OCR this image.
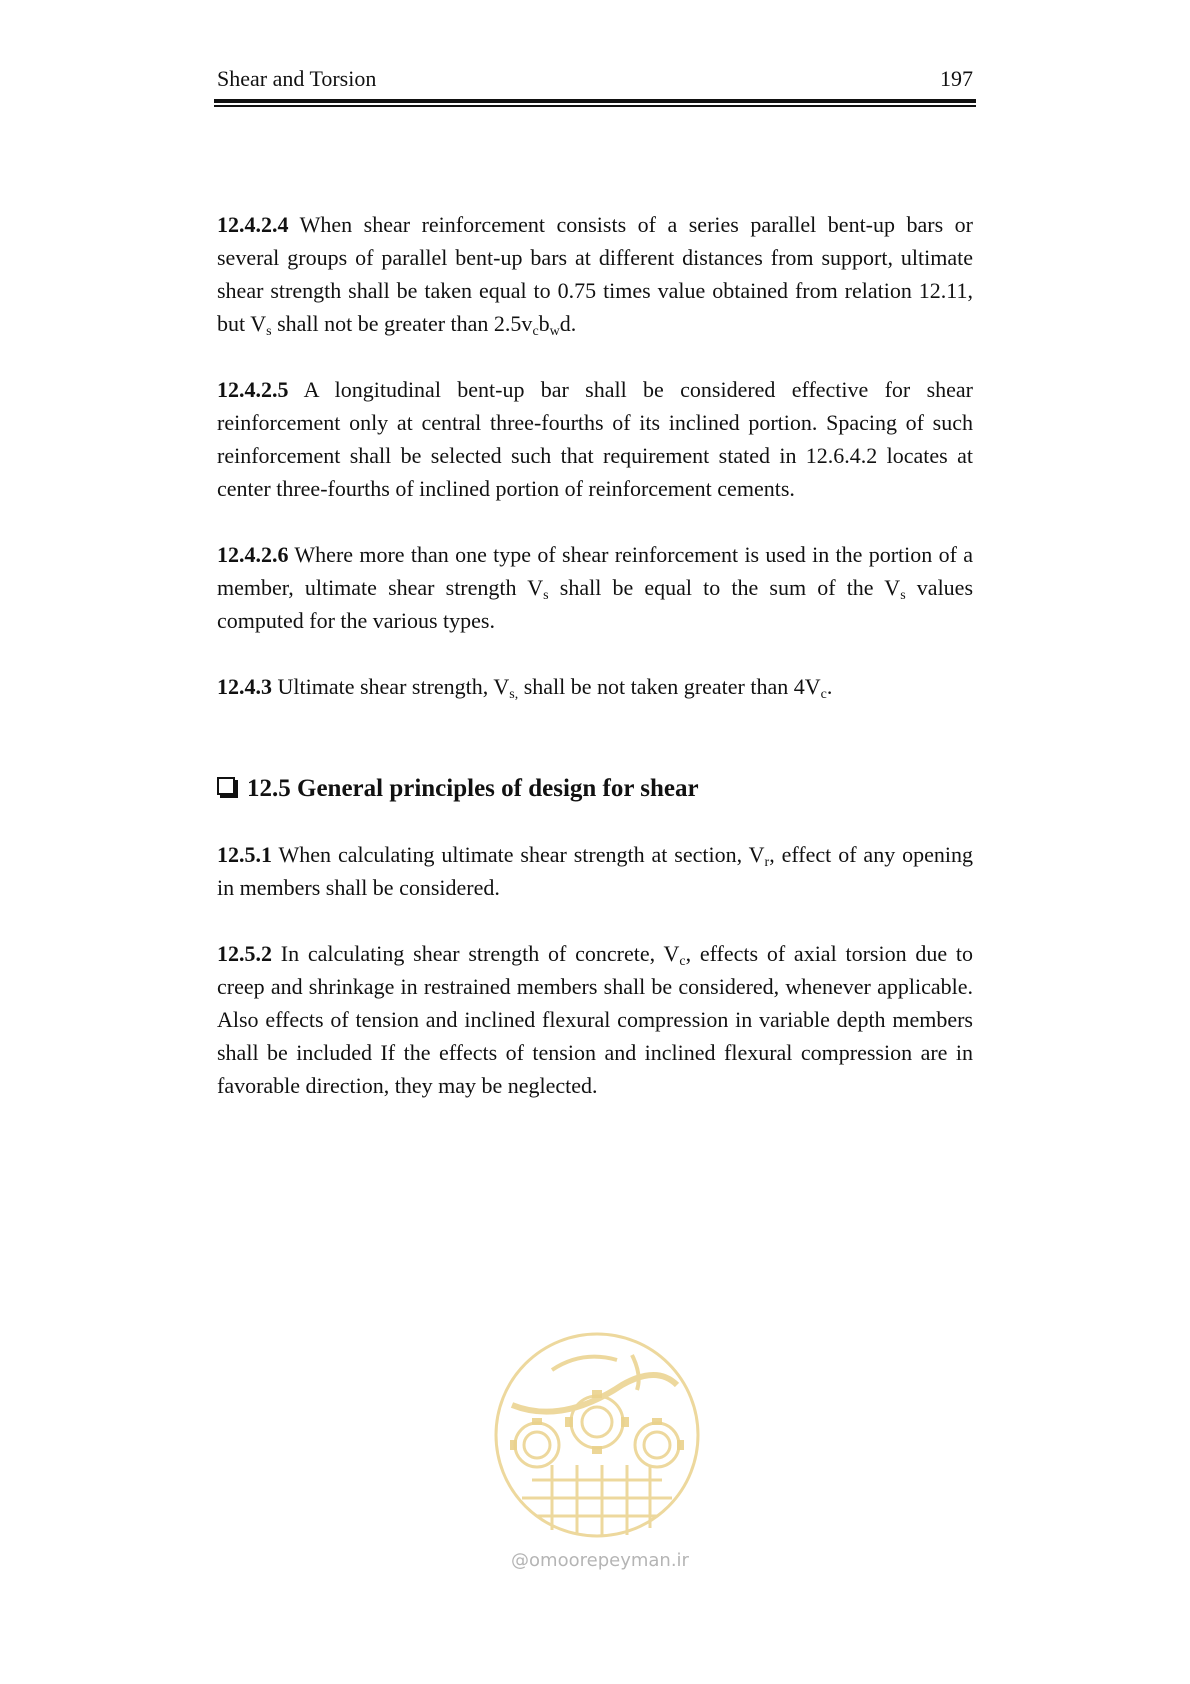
Shear and Torsion	197

12.4.2.4 When shear reinforcement consists of a series parallel bent-up bars or several groups of parallel bent-up bars at different distances from support, ultimate shear strength shall be taken equal to 0.75 times value obtained from relation 12.11, but $V_s$ shall not be greater than $2.5v_cb_wd$.

12.4.2.5 A longitudinal bent-up bar shall be considered effective for shear reinforcement only at central three-fourths of its inclined portion. Spacing of such reinforcement shall be selected such that requirement stated in 12.6.4.2 locates at center three-fourths of inclined portion of reinforcement cements.

12.4.2.6 Where more than one type of shear reinforcement is used in the portion of a member, ultimate shear strength $V_s$ shall be equal to the sum of the $V_s$ values computed for the various types.

12.4.3 Ultimate shear strength, $V_{s,}$ shall be not taken greater than $4V_c$.

12.5 General principles of design for shear

12.5.1 When calculating ultimate shear strength at section, $V_r$, effect of any opening in members shall be considered.

12.5.2 In calculating shear strength of concrete, $V_c$, effects of axial torsion due to creep and shrinkage in restrained members shall be considered, whenever applicable. Also effects of tension and inclined flexural compression in variable depth members shall be included If the effects of tension and inclined flexural compression are in favorable direction, they may be neglected.

@omoorepeyman.ir
